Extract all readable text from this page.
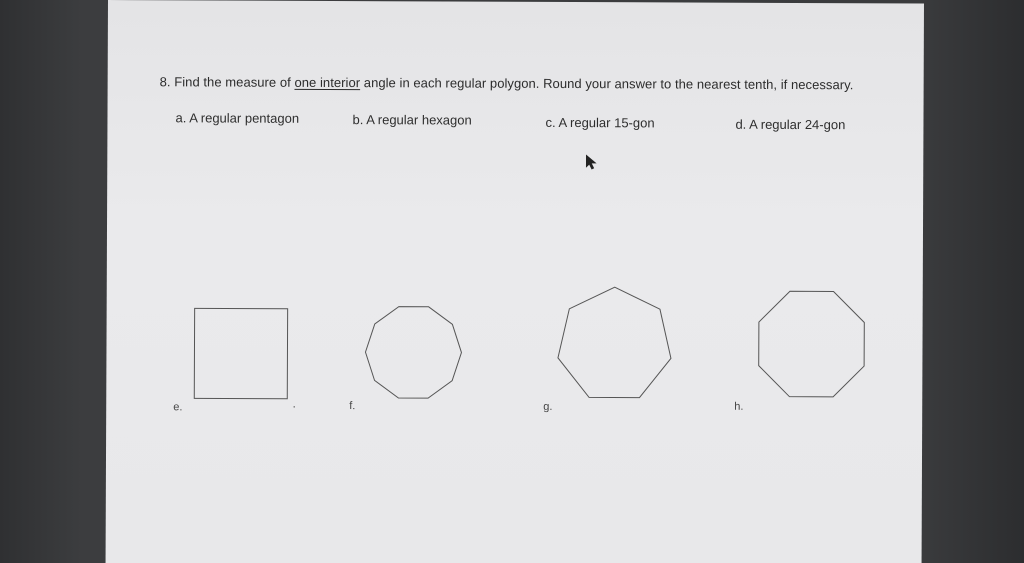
8. Find the measure of one interior angle in each regular polygon. Round your answer to the nearest tenth, if necessary.
a. A regular pentagon	b. A regular hexagon	c. A regular 15-gon	d. A regular 24-gon
e.	f.	g.	h.
